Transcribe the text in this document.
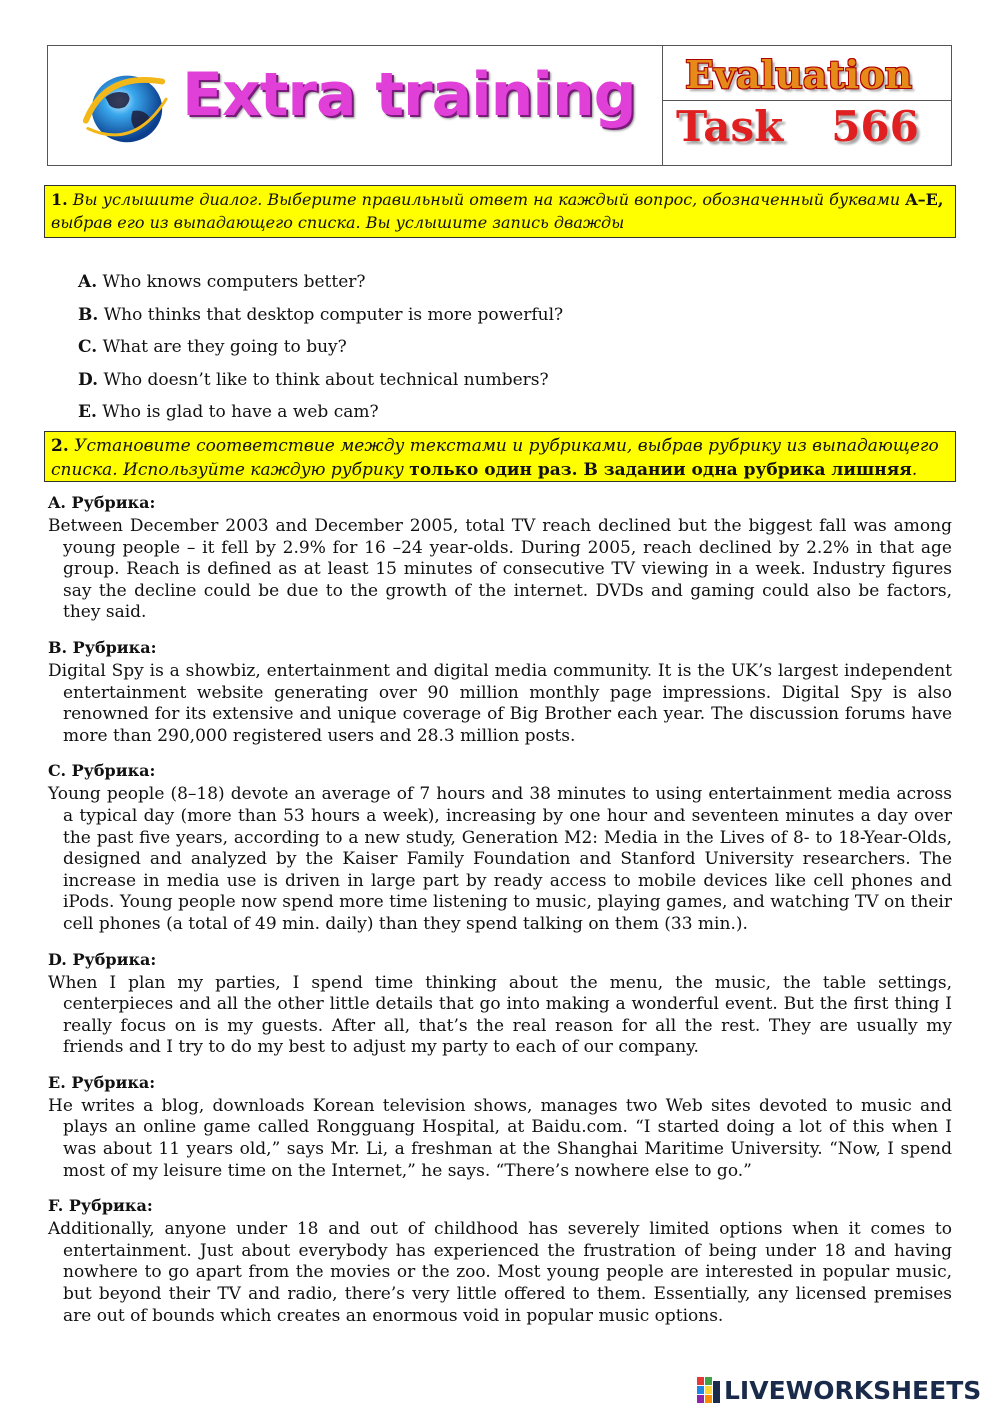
Extra training Evaluation
Task 566
1. Вы услышите диалог. Выберите правильный ответ на каждый вопрос, обозначенный буквами A–E, выбрав его из выпадающего списка. Вы услышите запись дважды
A. Who knows computers better?
B. Who thinks that desktop computer is more powerful?
C. What are they going to buy?
D. Who doesn’t like to think about technical numbers?
E. Who is glad to have a web cam?
2. Установите соответствие между текстами и рубриками, выбрав рубрику из выпадающего списка. Используйте каждую рубрику только один раз. В задании одна рубрика лишняя.
A. Рубрика:
Between December 2003 and December 2005, total TV reach declined but the biggest fall was among young people – it fell by 2.9% for 16 –24 year-olds. During 2005, reach declined by 2.2% in that age group. Reach is defined as at least 15 minutes of consecutive TV viewing in a week. Industry figures say the decline could be due to the growth of the internet. DVDs and gaming could also be factors, they said.
B. Рубрика:
Digital Spy is a showbiz, entertainment and digital media community. It is the UK’s largest independent entertainment website generating over 90 million monthly page impressions. Digital Spy is also renowned for its extensive and unique coverage of Big Brother each year. The discussion forums have more than 290,000 registered users and 28.3 million posts.
C. Рубрика:
Young people (8–18) devote an average of 7 hours and 38 minutes to using entertainment media across a typical day (more than 53 hours a week), increasing by one hour and seventeen minutes a day over the past five years, according to a new study, Generation M2: Media in the Lives of 8- to 18-Year-Olds, designed and analyzed by the Kaiser Family Foundation and Stanford University researchers. The increase in media use is driven in large part by ready access to mobile devices like cell phones and iPods. Young people now spend more time listening to music, playing games, and watching TV on their cell phones (a total of 49 min. daily) than they spend talking on them (33 min.).
D. Рубрика:
When I plan my parties, I spend time thinking about the menu, the music, the table settings, centerpieces and all the other little details that go into making a wonderful event. But the first thing I really focus on is my guests. After all, that’s the real reason for all the rest. They are usually my friends and I try to do my best to adjust my party to each of our company.
E. Рубрика:
He writes a blog, downloads Korean television shows, manages two Web sites devoted to music and plays an online game called Rongguang Hospital, at Baidu.com. “I started doing a lot of this when I was about 11 years old,” says Mr. Li, a freshman at the Shanghai Maritime University. “Now, I spend most of my leisure time on the Internet,” he says. “There’s nowhere else to go.”
F. Рубрика:
Additionally, anyone under 18 and out of childhood has severely limited options when it comes to entertainment. Just about everybody has experienced the frustration of being under 18 and having nowhere to go apart from the movies or the zoo. Most young people are interested in popular music, but beyond their TV and radio, there’s very little offered to them. Essentially, any licensed premises are out of bounds which creates an enormous void in popular music options.
LIVEWORKSHEETS
